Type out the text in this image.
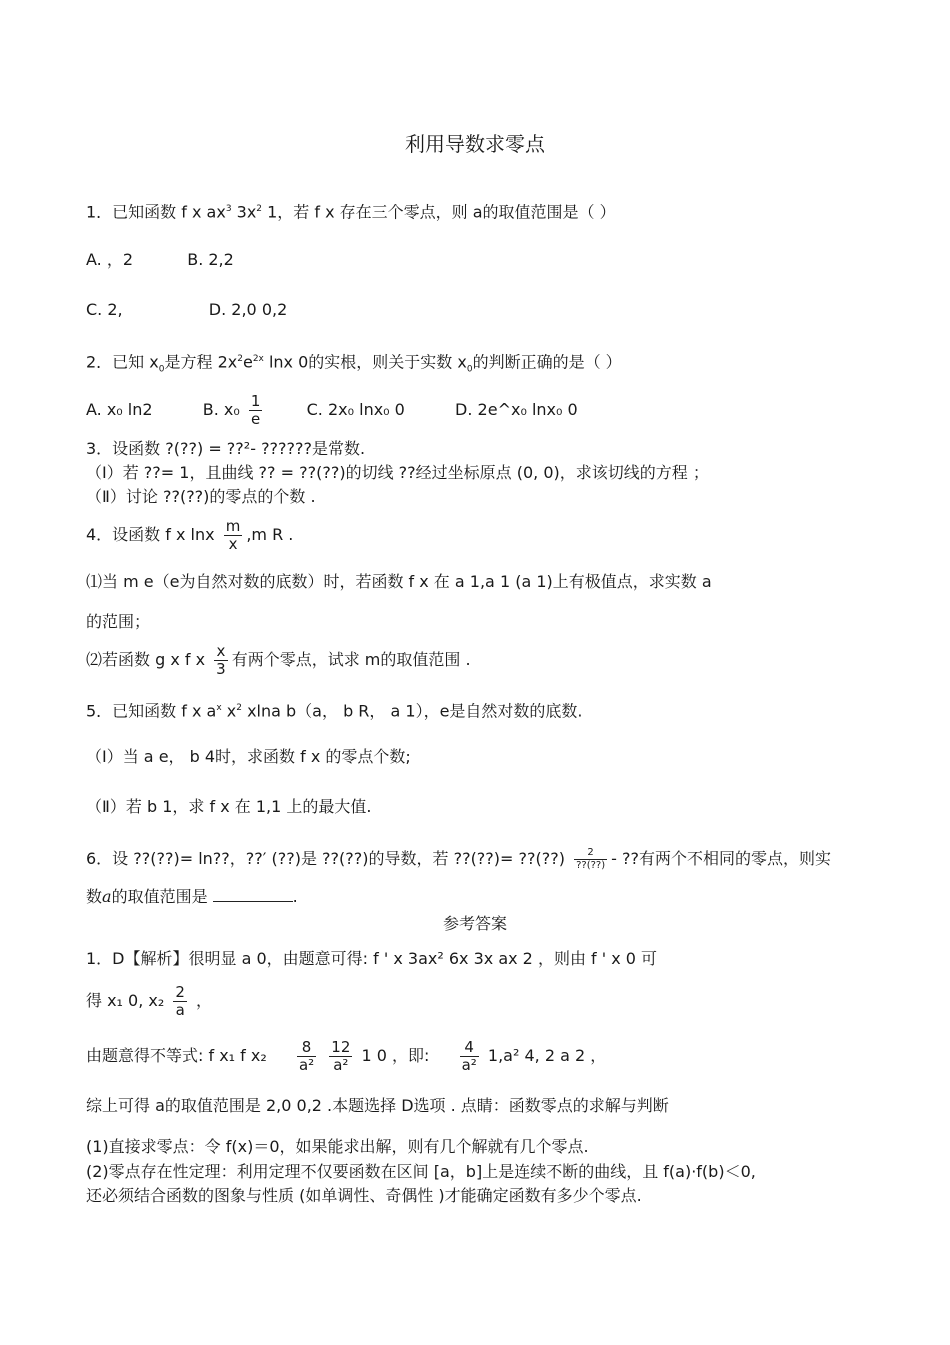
利用导数求零点
1．已知函数 f x $ax^3$ $3x^2$ 1，若 f x 存在三个零点，则 a的取值范围是（ ）
A. ，2	B. 2,2
C. 2,	D. 2,0 0,2
2．已知 $x_0$是方程 $2x^2e^{2x}$ lnx 0的实根，则关于实数 $x_0$的判断正确的是（ ）
A. x₀ ln2	B. $x_0 \frac{1}{e}$	C. 2x₀ lnx₀ 0	D. 2e^x₀ lnx₀ 0
3．设函数 ?(??) = ??²- ??????是常数.
（Ⅰ）若 ??= 1，且曲线 ?? = ??(??)的切线 ??经过坐标原点 (0, 0)，求该切线的方程 ；
（Ⅱ）讨论 ??(??)的零点的个数 .
4．设函数 f x lnx $\frac{m}{x} ,m$ R .
⑴当 m e（e为自然对数的底数）时，若函数 f x 在 a 1,a 1 (a 1)上有极值点，求实数 a
的范围；
⑵若函数 g x f x $\frac{x}{3}$ 有两个零点，试求 m的取值范围 .
5．已知函数 f x $a^x$ $x^2$ xlna b（a， b R， a 1），e是自然对数的底数.
（Ⅰ）当 a e， b 4时，求函数 f x 的零点个数;
（Ⅱ）若 b 1，求 f x 在 1,1 上的最大值.
6．设 ??(??)= ln??，??′ (??)是 ??(??)的导数，若 ??(??)= ??(??) $\frac{2}{??(??)}$ - ??有两个不相同的零点，则实
数a的取值范围是	.
参考答案
1．D【解析】很明显 a 0，由题意可得: f ' x 3ax² 6x 3x ax 2 ，则由 f ' x 0 可
得 x₁ 0, $x_2 \frac{2}{a}$ ，
由题意得不等式: f x₁ f $x_2 \frac{8}{\text{a²}}$
$\frac{12}{\text{a²}} 1$ 0 ，即: $\frac{4}{\text{a²}} 1,a^2$ 4, 2 a 2 ，
综上可得 a的取值范围是 2,0 0,2 .本题选择 D选项 . 点睛：函数零点的求解与判断
(1)直接求零点：令 f(x)＝0，如果能求出解，则有几个解就有几个零点.
(2)零点存在性定理：利用定理不仅要函数在区间 [a，b]上是连续不断的曲线，且 f(a)·f(b)＜0,
还必须结合函数的图象与性质 (如单调性、奇偶性 )才能确定函数有多少个零点.
